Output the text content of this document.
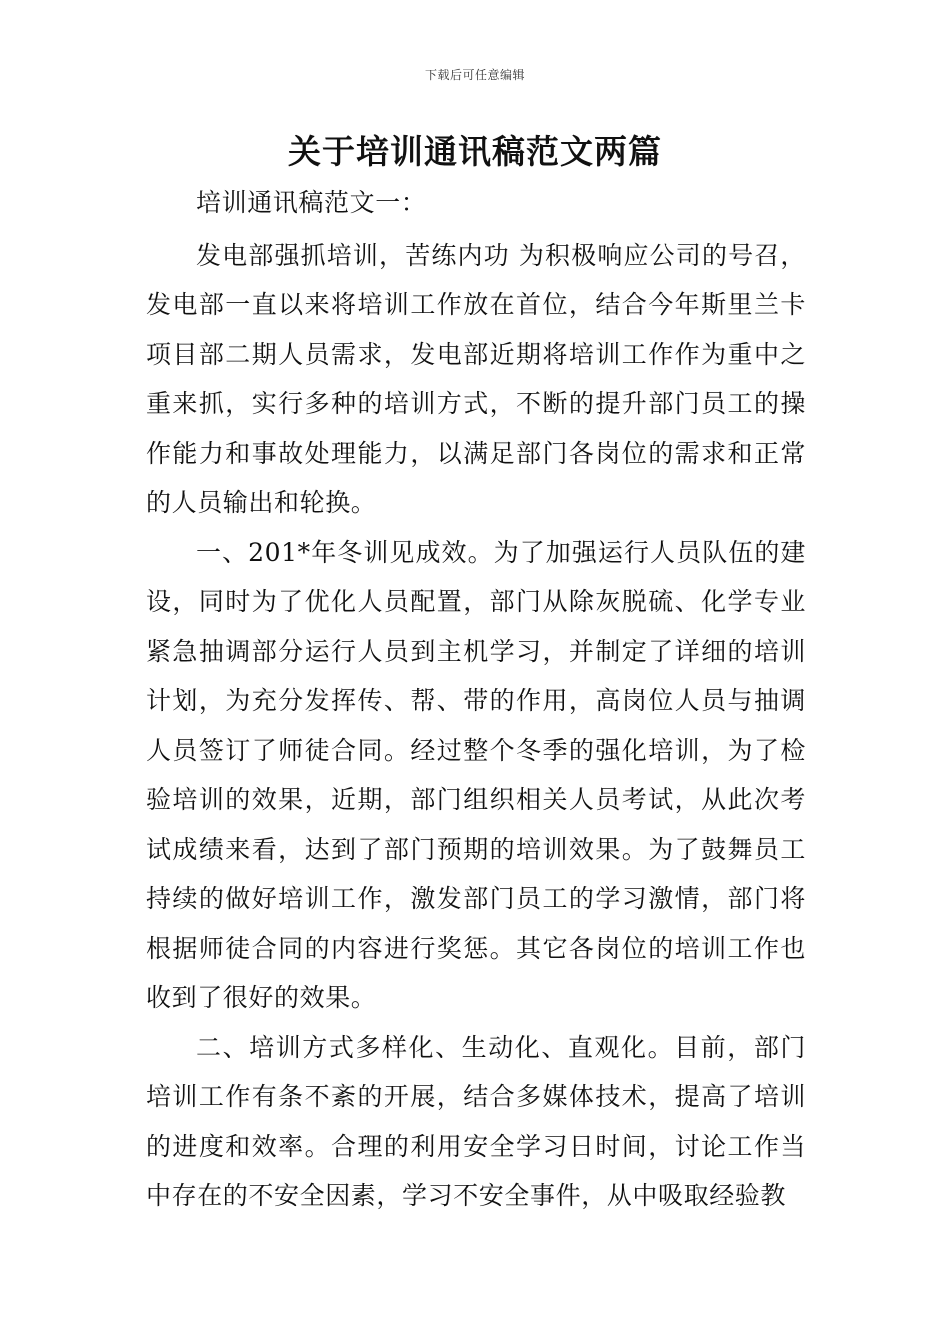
下载后可任意编辑
关于培训通讯稿范文两篇

培训通讯稿范文一：

发电部强抓培训，苦练内功 为积极响应公司的号召，发电部一直以来将培训工作放在首位，结合今年斯里兰卡项目部二期人员需求，发电部近期将培训工作作为重中之重来抓，实行多种的培训方式，不断的提升部门员工的操作能力和事故处理能力，以满足部门各岗位的需求和正常的人员输出和轮换。

一、201*年冬训见成效。为了加强运行人员队伍的建设，同时为了优化人员配置，部门从除灰脱硫、化学专业紧急抽调部分运行人员到主机学习，并制定了详细的培训计划，为充分发挥传、帮、带的作用，高岗位人员与抽调人员签订了师徒合同。经过整个冬季的强化培训，为了检验培训的效果，近期，部门组织相关人员考试，从此次考试成绩来看，达到了部门预期的培训效果。为了鼓舞员工持续的做好培训工作，激发部门员工的学习激情，部门将根据师徒合同的内容进行奖惩。其它各岗位的培训工作也收到了很好的效果。

二、培训方式多样化、生动化、直观化。目前，部门培训工作有条不紊的开展，结合多媒体技术，提高了培训的进度和效率。合理的利用安全学习日时间，讨论工作当中存在的不安全因素，学习不安全事件，从中吸取经验教
